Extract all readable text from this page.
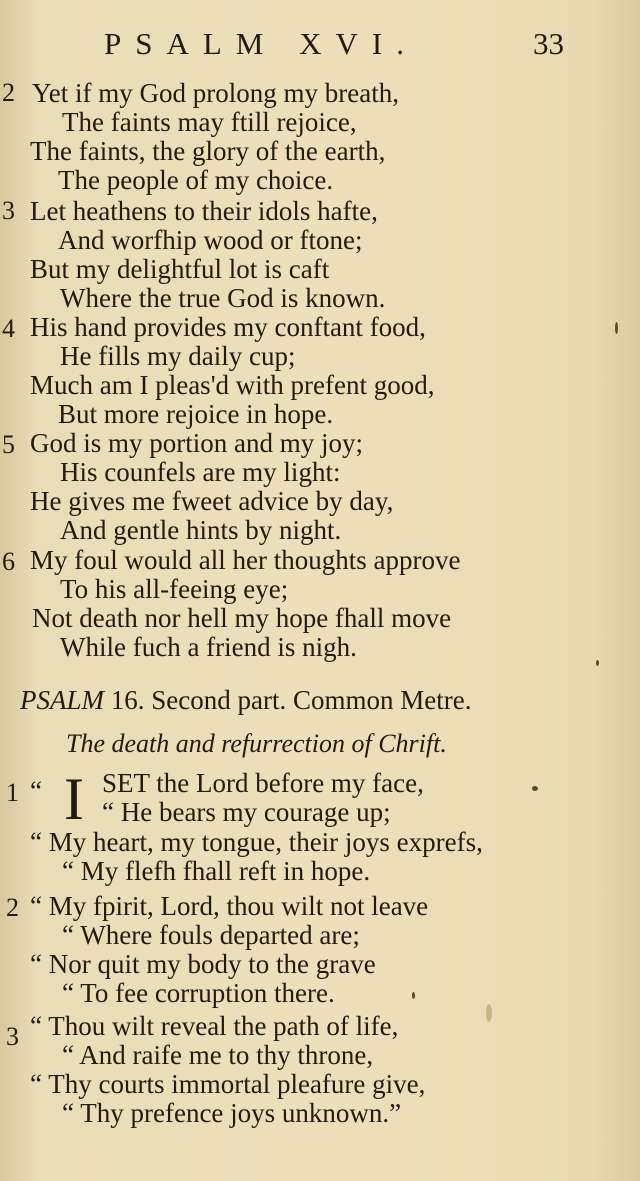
PSALM XVI.	33
2 Yet if my God prolong my breath,
The faints may ftill rejoice,
The faints, the glory of the earth,
The people of my choice.
3 Let heathens to their idols hafte,
And worfhip wood or ftone;
But my delightful lot is caft
Where the true God is known.
4 His hand provides my conftant food,
He fills my daily cup;
Much am I pleas'd with prefent good,
But more rejoice in hope.
5 God is my portion and my joy;
His counfels are my light:
He gives me fweet advice by day,
And gentle hints by night.
6 My foul would all her thoughts approve
To his all-feeing eye;
Not death nor hell my hope fhall move
While fuch a friend is nigh.
PSALM 16. Second part. Common Metre.
The death and refurrection of Chrift.
1 “ I SET the Lord before my face,
“ He bears my courage up;
“ My heart, my tongue, their joys exprefs,
“ My flefh fhall reft in hope.
2 “ My fpirit, Lord, thou wilt not leave
“ Where fouls departed are;
“ Nor quit my body to the grave
“ To fee corruption there.
3 “ Thou wilt reveal the path of life,
“ And raife me to thy throne,
“ Thy courts immortal pleafure give,
“ Thy prefence joys unknown.”
